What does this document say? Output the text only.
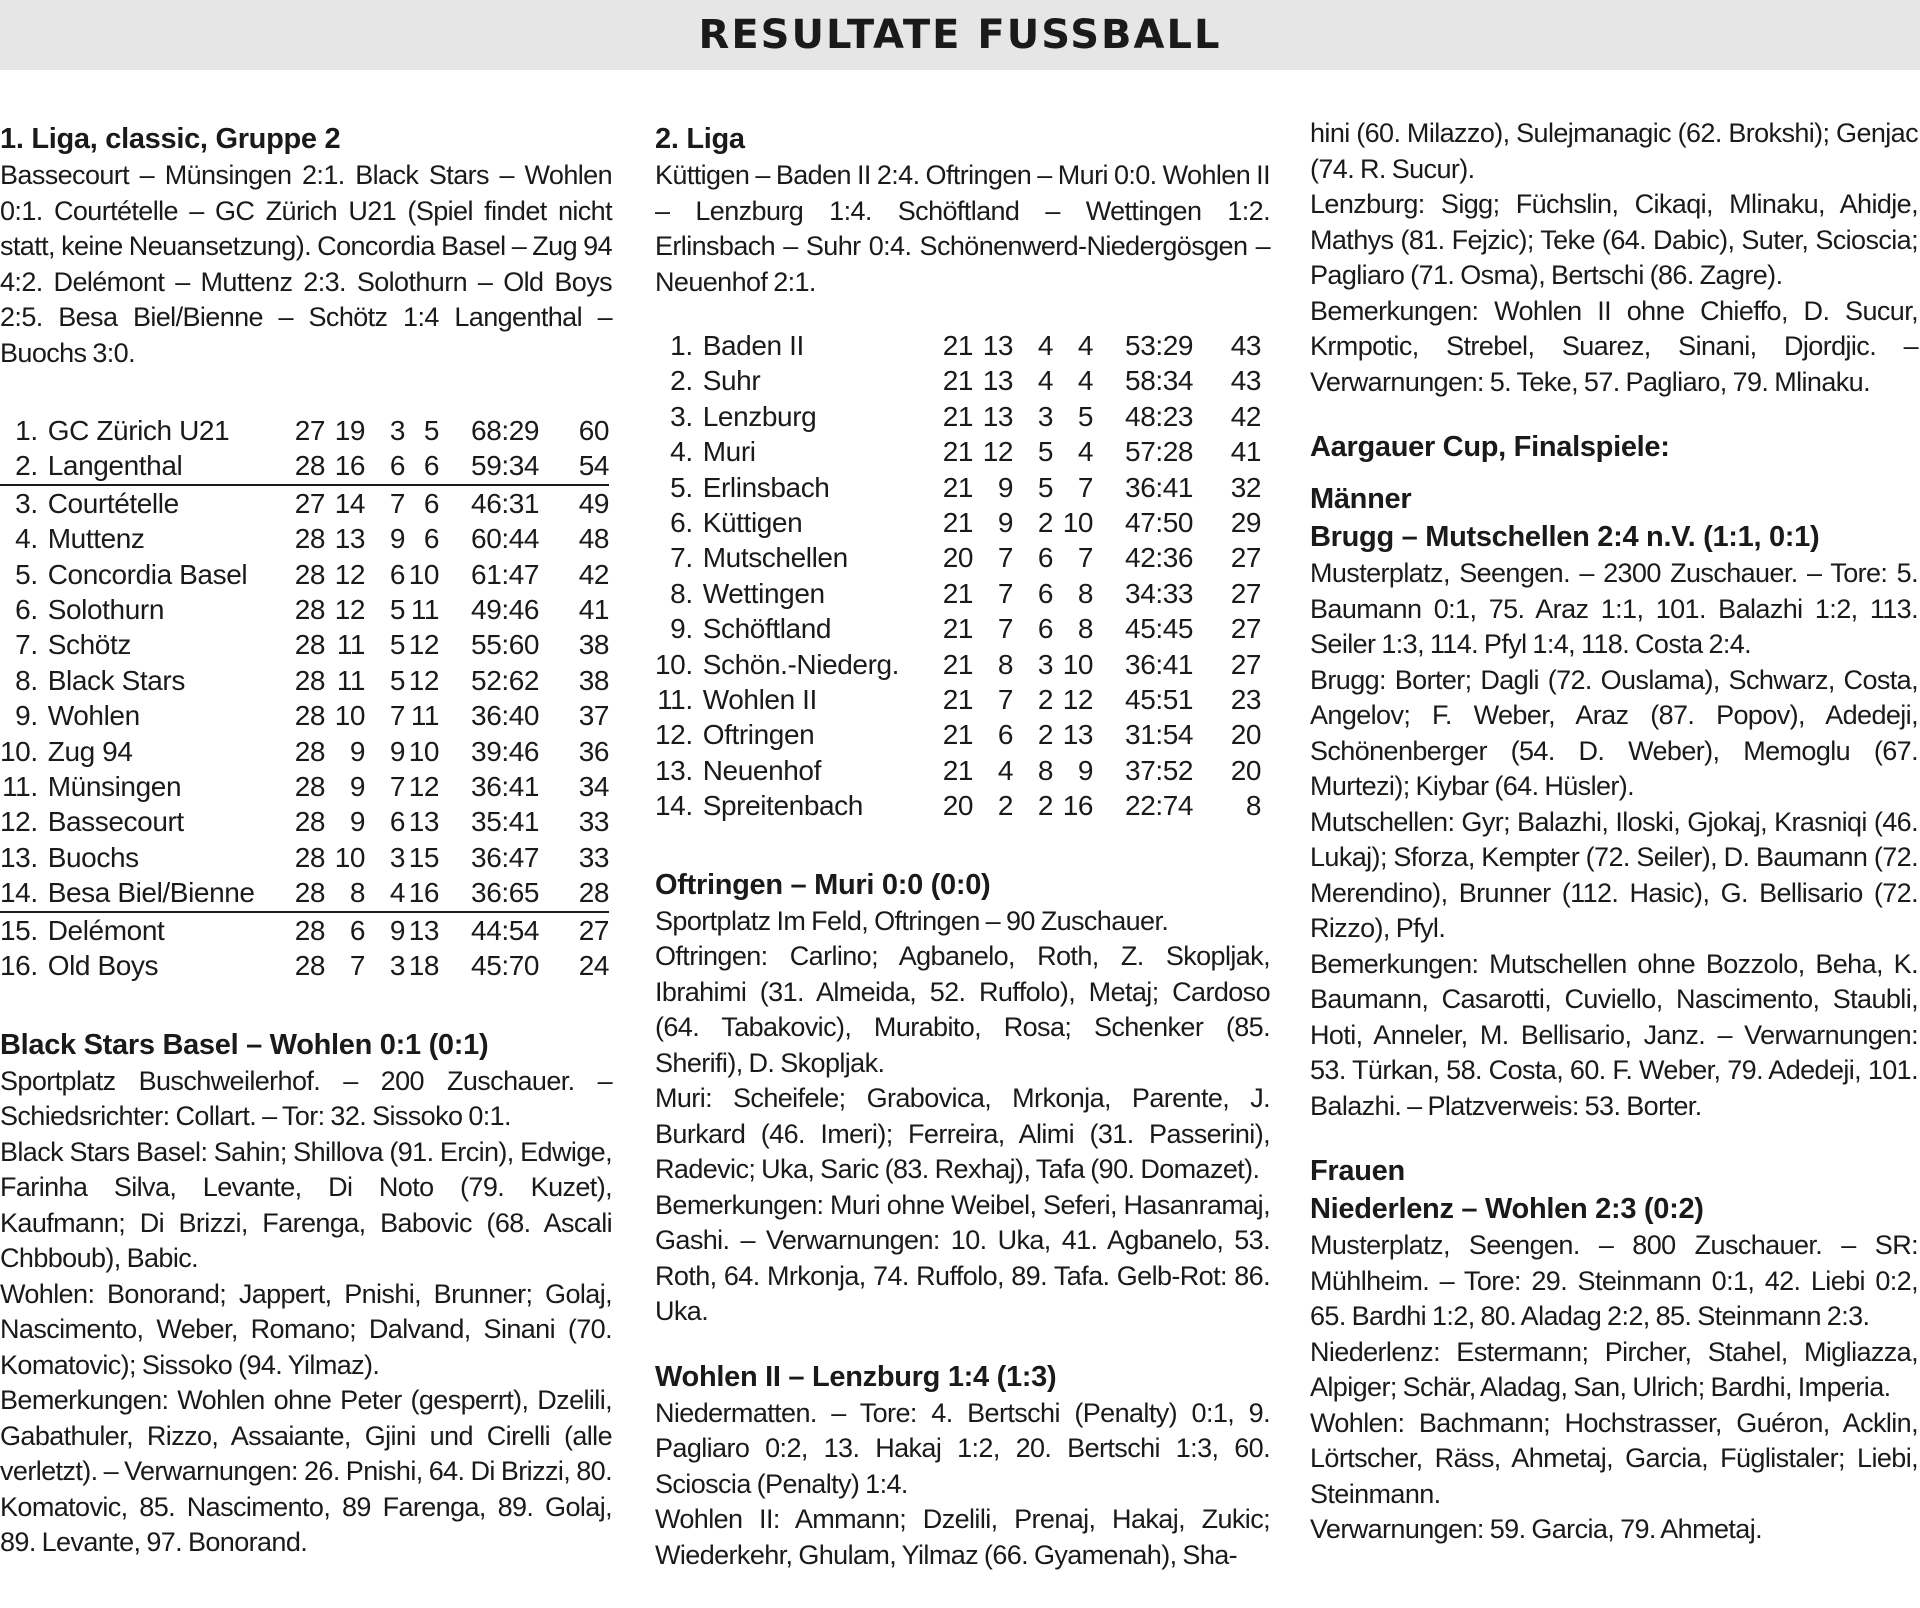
RESULTATE FUSSBALL
1. Liga, classic, Gruppe 2

Bassecourt – Münsingen 2:1. Black Stars – Wohlen 0:1. Courtételle – GC Zürich U21 (Spiel findet nicht statt, keine Neuansetzung). Concordia Basel – Zug 94 4:2. Delémont – Muttenz 2:3. Solothurn – Old Boys 2:5. Besa Biel/Bienne – Schötz 1:4 Langenthal – Buochs 3:0.

1.	GC Zürich U21	27	19	3	5	68:29	60
2.	Langenthal	28	16	6	6	59:34	54
3.	Courtételle	27	14	7	6	46:31	49
4.	Muttenz	28	13	9	6	60:44	48
5.	Concordia Basel	28	12	6	10	61:47	42
6.	Solothurn	28	12	5	11	49:46	41
7.	Schötz	28	11	5	12	55:60	38
8.	Black Stars	28	11	5	12	52:62	38
9.	Wohlen	28	10	7	11	36:40	37
10.	Zug 94	28	9	9	10	39:46	36
11.	Münsingen	28	9	7	12	36:41	34
12.	Bassecourt	28	9	6	13	35:41	33
13.	Buochs	28	10	3	15	36:47	33
14.	Besa Biel/Bienne	28	8	4	16	36:65	28
15.	Delémont	28	6	9	13	44:54	27
16.	Old Boys	28	7	3	18	45:70	24
Black Stars Basel – Wohlen 0:1 (0:1)

Sportplatz Buschweilerhof. – 200 Zuschauer. – Schiedsrichter: Collart. – Tor: 32. Sissoko 0:1.

Black Stars Basel: Sahin; Shillova (91. Ercin), Edwige, Farinha Silva, Levante, Di Noto (79. Kuzet), Kaufmann; Di Brizzi, Farenga, Babovic (68. Ascali Chbboub), Babic.

Wohlen: Bonorand; Jappert, Pnishi, Brunner; Golaj, Nascimento, Weber, Romano; Dalvand, Sinani (70. Komatovic); Sissoko (94. Yilmaz).

Bemerkungen: Wohlen ohne Peter (gesperrt), Dzelili, Gabathuler, Rizzo, Assaiante, Gjini und Cirelli (alle verletzt). – Verwarnungen: 26. Pnishi, 64. Di Brizzi, 80. Komatovic, 85. Nascimento, 89 Farenga, 89. Golaj, 89. Levante, 97. Bonorand.

2. Liga

Küttigen – Baden II 2:4. Oftringen – Muri 0:0. Wohlen II – Lenzburg 1:4. Schöftland – Wettingen 1:2. Erlinsbach – Suhr 0:4. Schönenwerd-Niedergösgen – Neuenhof 2:1.

1.	Baden II	21	13	4	4	53:29	43
2.	Suhr	21	13	4	4	58:34	43
3.	Lenzburg	21	13	3	5	48:23	42
4.	Muri	21	12	5	4	57:28	41
5.	Erlinsbach	21	9	5	7	36:41	32
6.	Küttigen	21	9	2	10	47:50	29
7.	Mutschellen	20	7	6	7	42:36	27
8.	Wettingen	21	7	6	8	34:33	27
9.	Schöftland	21	7	6	8	45:45	27
10.	Schön.-Niederg.	21	8	3	10	36:41	27
11.	Wohlen II	21	7	2	12	45:51	23
12.	Oftringen	21	6	2	13	31:54	20
13.	Neuenhof	21	4	8	9	37:52	20
14.	Spreitenbach	20	2	2	16	22:74	8
Oftringen – Muri 0:0 (0:0)

Sportplatz Im Feld, Oftringen – 90 Zuschauer.

Oftringen: Carlino; Agbanelo, Roth, Z. Skopljak, Ibrahimi (31. Almeida, 52. Ruffolo), Metaj; Cardoso (64. Tabakovic), Murabito, Rosa; Schenker (85. Sherifi), D. Skopljak.

Muri: Scheifele; Grabovica, Mrkonja, Parente, J. Burkard (46. Imeri); Ferreira, Alimi (31. Passerini), Radevic; Uka, Saric (83. Rexhaj), Tafa (90. Domazet).

Bemerkungen: Muri ohne Weibel, Seferi, Hasanramaj, Gashi. – Verwarnungen: 10. Uka, 41. Agbanelo, 53. Roth, 64. Mrkonja, 74. Ruffolo, 89. Tafa. Gelb-Rot: 86. Uka.

Wohlen II – Lenzburg 1:4 (1:3)

Niedermatten. – Tore: 4. Bertschi (Penalty) 0:1, 9. Pagliaro 0:2, 13. Hakaj 1:2, 20. Bertschi 1:3, 60. Scioscia (Penalty) 1:4.

Wohlen II: Ammann; Dzelili, Prenaj, Hakaj, Zukic; Wiederkehr, Ghulam, Yilmaz (66. Gyamenah), Sha-

hini (60. Milazzo), Sulejmanagic (62. Brokshi); Genjac (74. R. Sucur).

Lenzburg: Sigg; Füchslin, Cikaqi, Mlinaku, Ahidje, Mathys (81. Fejzic); Teke (64. Dabic), Suter, Scioscia; Pagliaro (71. Osma), Bertschi (86. Zagre).

Bemerkungen: Wohlen II ohne Chieffo, D. Sucur, Krmpotic, Strebel, Suarez, Sinani, Djordjic. – Verwarnungen: 5. Teke, 57. Pagliaro, 79. Mlinaku.

Aargauer Cup, Finalspiele:
Männer
Brugg – Mutschellen 2:4 n.V. (1:1, 0:1)

Musterplatz, Seengen. – 2300 Zuschauer. – Tore: 5. Baumann 0:1, 75. Araz 1:1, 101. Balazhi 1:2, 113. Seiler 1:3, 114. Pfyl 1:4, 118. Costa 2:4.

Brugg: Borter; Dagli (72. Ouslama), Schwarz, Costa, Angelov; F. Weber, Araz (87. Popov), Adedeji, Schönenberger (54. D. Weber), Memoglu (67. Murtezi); Kiybar (64. Hüsler).

Mutschellen: Gyr; Balazhi, Iloski, Gjokaj, Krasniqi (46. Lukaj); Sforza, Kempter (72. Seiler), D. Baumann (72. Merendino), Brunner (112. Hasic), G. Bellisario (72. Rizzo), Pfyl.

Bemerkungen: Mutschellen ohne Bozzolo, Beha, K. Baumann, Casarotti, Cuviello, Nascimento, Staubli, Hoti, Anneler, M. Bellisario, Janz. – Verwarnungen: 53. Türkan, 58. Costa, 60. F. Weber, 79. Adedeji, 101. Balazhi. – Platzverweis: 53. Borter.

Frauen
Niederlenz – Wohlen 2:3 (0:2)

Musterplatz, Seengen. – 800 Zuschauer. – SR: Mühlheim. – Tore: 29. Steinmann 0:1, 42. Liebi 0:2, 65. Bardhi 1:2, 80. Aladag 2:2, 85. Steinmann 2:3.

Niederlenz: Estermann; Pircher, Stahel, Migliazza, Alpiger; Schär, Aladag, San, Ulrich; Bardhi, Imperia.

Wohlen: Bachmann; Hochstrasser, Guéron, Acklin, Lörtscher, Räss, Ahmetaj, Garcia, Füglistaler; Liebi, Steinmann.

Verwarnungen: 59. Garcia, 79. Ahmetaj.
